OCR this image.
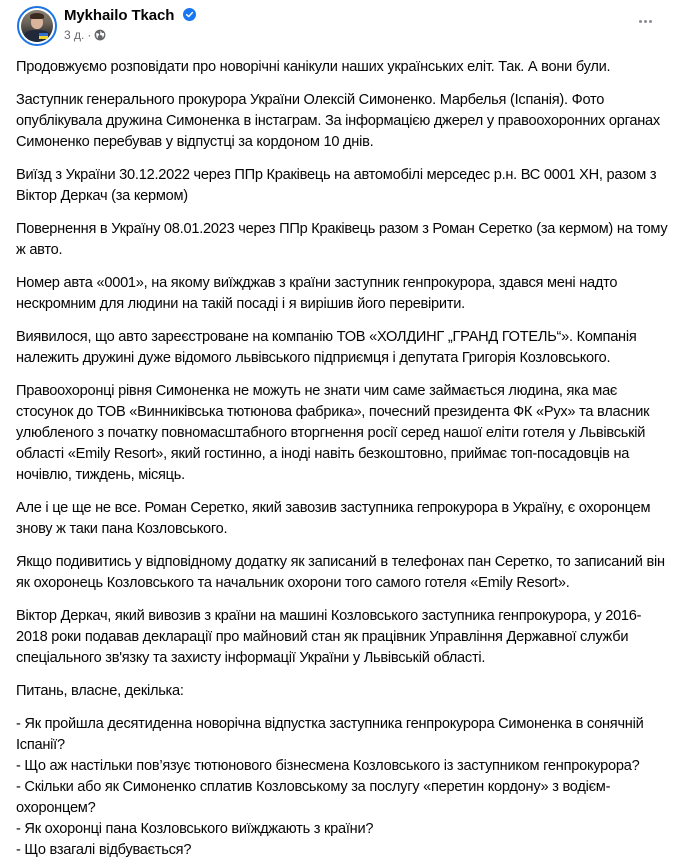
Mykhailo Tkach
3 д. ·

Продовжуємо розповідати про новорічні канікули наших українських еліт. Так. А вони були.

Заступник генерального прокурора України Олексій Симоненко. Марбелья (Іспанія). Фото опублікувала дружина Симоненка в інстаграм. За інформацією джерел у правоохоронних органах Симоненко перебував у відпустці за кордоном 10 днів.

Виїзд з України 30.12.2022 через ППр Краківець на автомобілі мерседес р.н. ВС 0001 ХН, разом з Віктор Деркач (за кермом)

Повернення в Україну 08.01.2023 через ППр Краківець разом з Роман Серетко (за кермом) на тому ж авто.

Номер авта «0001», на якому виїжджав з країни заступник генпрокурора, здався мені надто нескромним для людини на такій посаді і я вирішив його перевірити.

Виявилося, що авто зареєстроване на компанію ТОВ «ХОЛДИНГ „ГРАНД ГОТЕЛЬ“». Компанія належить дружині дуже відомого львівського підприємця і депутата Григорія Козловського.

Правоохоронці рівня Симоненка не можуть не знати чим саме займається людина, яка має стосунок до ТОВ «Винниківська тютюнова фабрика», почесний президента ФК «Рух» та власник улюбленого з початку повномасштабного вторгнення росії серед нашої еліти готеля у Львівській області «Emily Resort», який гостинно, а іноді навіть безкоштовно, приймає топ-посадовців на ночівлю, тиждень, місяць.

Але і це ще не все. Роман Серетко, який завозив заступника гепрокурора в Україну, є охоронцем знову ж таки пана Козловського.

Якщо подивитись у відповідному додатку як записаний в телефонах пан Серетко, то записаний він як охоронець Козловського та начальник охорони того самого готеля «Emily Resort».

Віктор Деркач, який вивозив з країни на машині Козловського заступника генпрокурора, у 2016-2018 роки подавав декларації про майновий стан як працівник Управління Державної служби спеціального зв'язку та захисту інформації України у Львівській області.

Питань, власне, декілька:

- Як пройшла десятиденна новорічна відпустка заступника генпрокурора Симоненка в сонячній Іспанії?
- Що аж настільки пов’язує тютюнового бізнесмена Козловського із заступником генпрокурора?
- Скільки або як Симоненко сплатив Козловському за послугу «перетин кордону» з водієм-охоронцем?
- Як охоронці пана Козловського виїжджають з країни?
- Що взагалі відбувається?
